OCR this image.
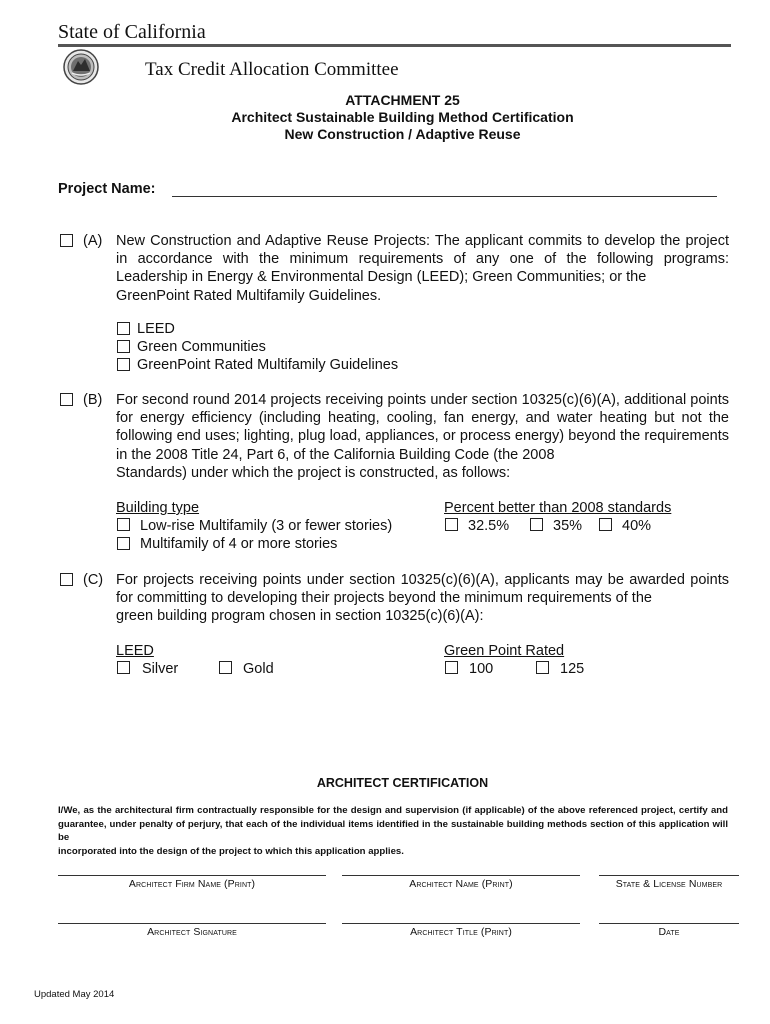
State of California
Tax Credit Allocation Committee
ATTACHMENT 25
Architect Sustainable Building Method Certification
New Construction / Adaptive Reuse
Project Name:
(A) New Construction and Adaptive Reuse Projects: The applicant commits to develop the project in accordance with the minimum requirements of any one of the following programs: Leadership in Energy & Environmental Design (LEED); Green Communities; or the
GreenPoint Rated Multifamily Guidelines.
LEED
Green Communities
GreenPoint Rated Multifamily Guidelines
(B) For second round 2014 projects receiving points under section 10325(c)(6)(A), additional points for energy efficiency (including heating, cooling, fan energy, and water heating but not the following end uses; lighting, plug load, appliances, or process energy) beyond the requirements in the 2008 Title 24, Part 6, of the California Building Code (the 2008
Standards) under which the project is constructed, as follows:
Building type
Low-rise Multifamily (3 or fewer stories)
Multifamily of 4 or more stories
Percent better than 2008 standards
32.5%	35%	40%
(C) For projects receiving points under section 10325(c)(6)(A), applicants may be awarded points for committing to developing their projects beyond the minimum requirements of the
green building program chosen in section 10325(c)(6)(A):
LEED
Silver	Gold
Green Point Rated
100	125
ARCHITECT CERTIFICATION
I/We, as the architectural firm contractually responsible for the design and supervision (if applicable) of the above referenced project, certify and guarantee, under penalty of perjury, that each of the individual items identified in the sustainable building methods section of this application will be
incorporated into the design of the project to which this application applies.
Architect Firm Name (Print)	Architect Name (Print)	State & License Number
Architect Signature	Architect Title (Print)	Date
Updated May 2014
